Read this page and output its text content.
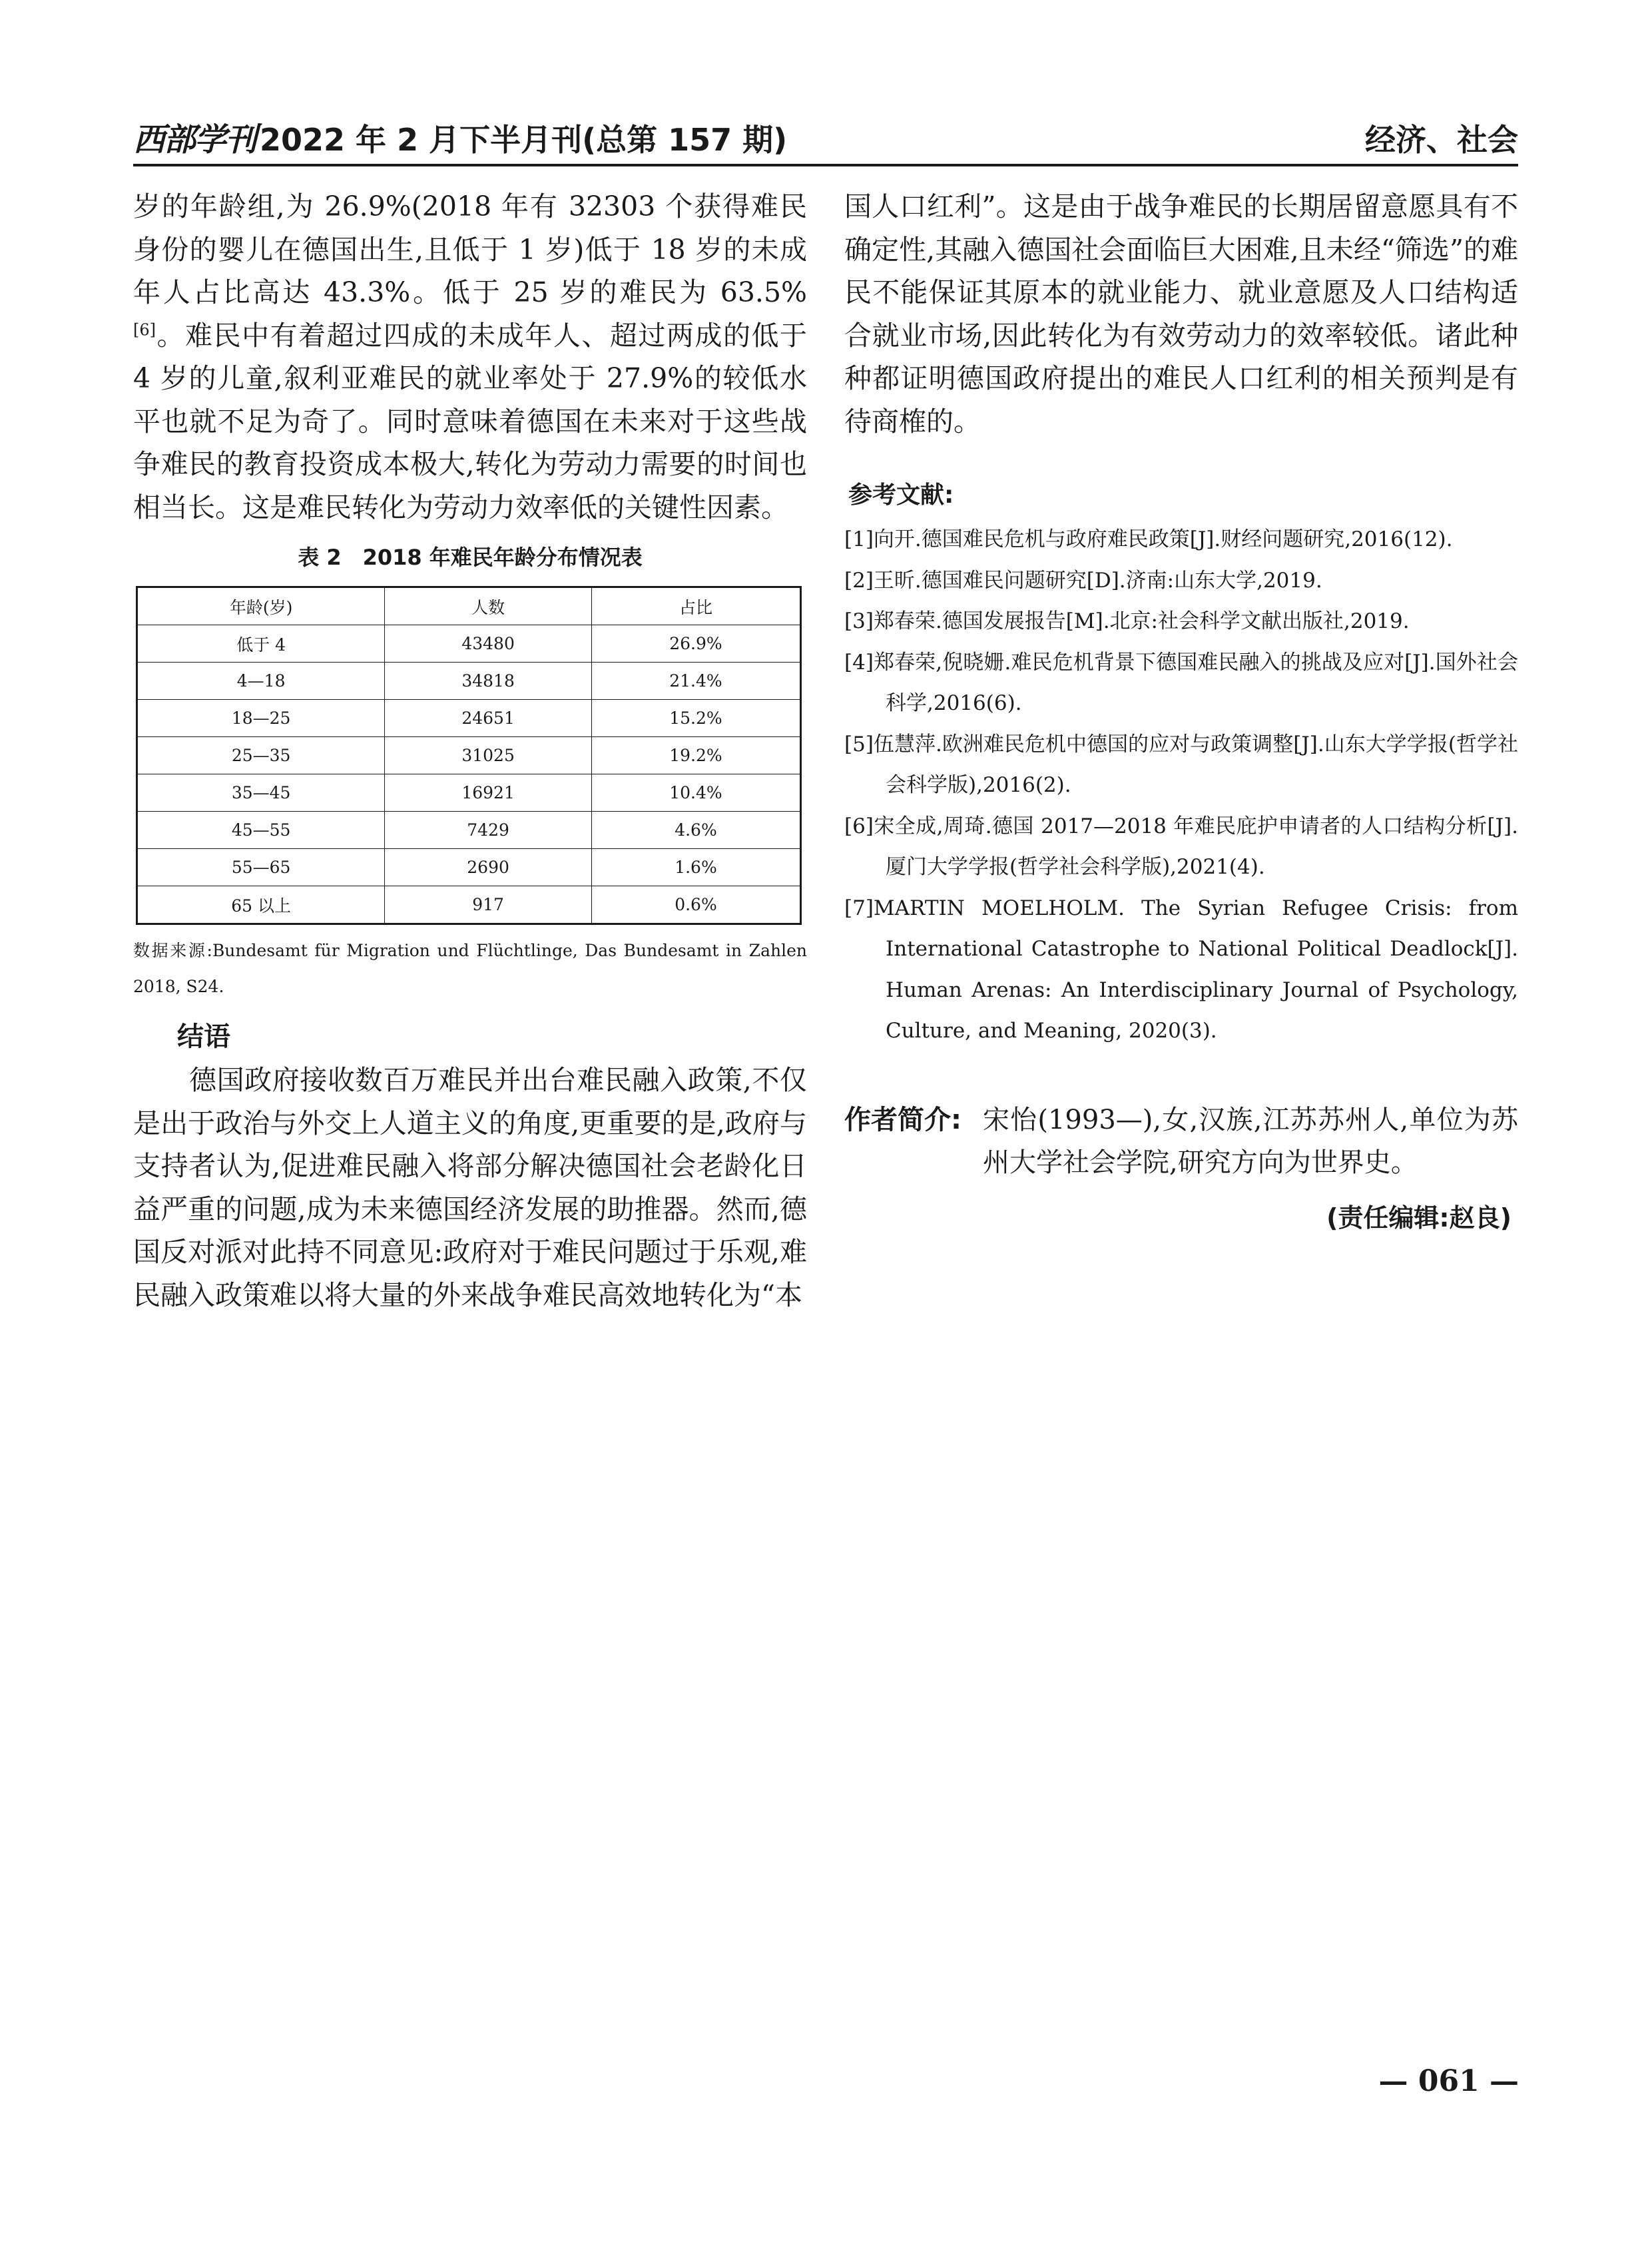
西部学刊 2022 年 2 月下半月刊(总第 157 期)	经济、社会

岁的年龄组,为 26.9%(2018 年有 32303 个获得难民身份的婴儿在德国出生,且低于 1 岁)低于 18 岁的未成年人占比高达 43.3%。低于 25 岁的难民为 63.5%[6]。难民中有着超过四成的未成年人、超过两成的低于 4 岁的儿童,叙利亚难民的就业率处于 27.9%的较低水平也就不足为奇了。同时意味着德国在未来对于这些战争难民的教育投资成本极大,转化为劳动力需要的时间也相当长。这是难民转化为劳动力效率低的关键性因素。

表 2　2018 年难民年龄分布情况表
年龄(岁)	人数	占比
低于 4	43480	26.9%
4—18	34818	21.4%
18—25	24651	15.2%
25—35	31025	19.2%
35—45	16921	10.4%
45—55	7429	4.6%
55—65	2690	1.6%
65 以上	917	0.6%

数据来源:Bundesamt für Migration und Flüchtlinge, Das Bundesamt in Zahlen 2018, S24.

结语

德国政府接收数百万难民并出台难民融入政策,不仅是出于政治与外交上人道主义的角度,更重要的是,政府与支持者认为,促进难民融入将部分解决德国社会老龄化日益严重的问题,成为未来德国经济发展的助推器。然而,德国反对派对此持不同意见:政府对于难民问题过于乐观,难民融入政策难以将大量的外来战争难民高效地转化为“本

国人口红利”。这是由于战争难民的长期居留意愿具有不确定性,其融入德国社会面临巨大困难,且未经“筛选”的难民不能保证其原本的就业能力、就业意愿及人口结构适合就业市场,因此转化为有效劳动力的效率较低。诸此种种都证明德国政府提出的难民人口红利的相关预判是有待商榷的。

参考文献:

[1]向开.德国难民危机与政府难民政策[J].财经问题研究,2016(12).

[2]王昕.德国难民问题研究[D].济南:山东大学,2019.

[3]郑春荣.德国发展报告[M].北京:社会科学文献出版社,2019.

[4]郑春荣,倪晓姗.难民危机背景下德国难民融入的挑战及应对[J].国外社会科学,2016(6).

[5]伍慧萍.欧洲难民危机中德国的应对与政策调整[J].山东大学学报(哲学社会科学版),2016(2).

[6]宋全成,周琦.德国 2017—2018 年难民庇护申请者的人口结构分析[J].厦门大学学报(哲学社会科学版),2021(4).

[7]MARTIN MOELHOLM. The Syrian Refugee Crisis: from International Catastrophe to National Political Deadlock[J]. Human Arenas: An Interdisciplinary Journal of Psychology, Culture, and Meaning, 2020(3).

作者简介: 宋怡(1993—),女,汉族,江苏苏州人,单位为苏州大学社会学院,研究方向为世界史。
(责任编辑:赵良)
— 061 —
